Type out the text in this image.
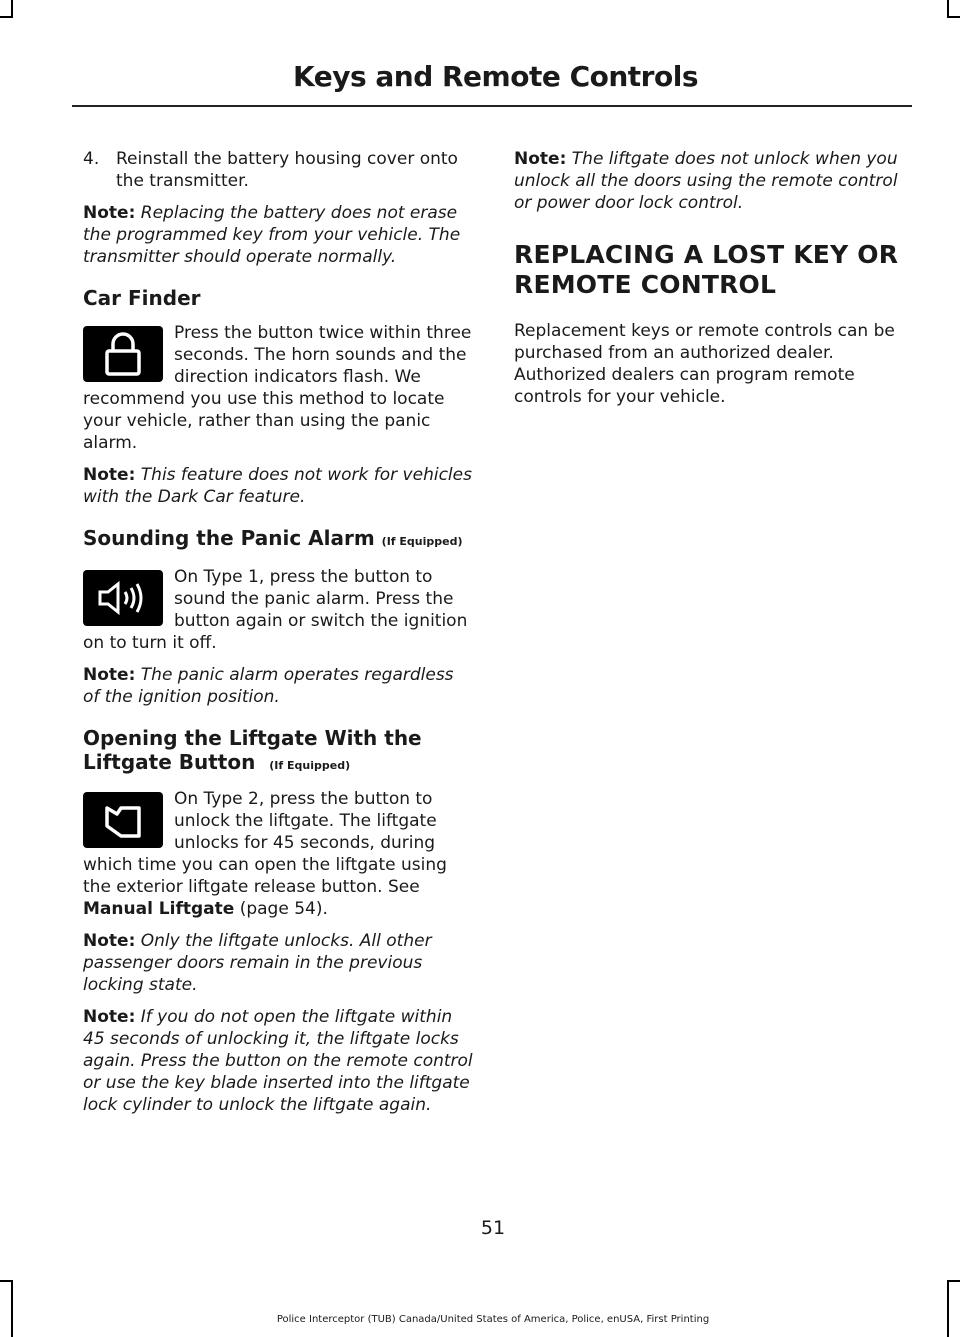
Keys and Remote Controls
4. Reinstall the battery housing cover onto the transmitter.

Note: Replacing the battery does not erase the programmed key from your vehicle. The transmitter should operate normally.

Car Finder

Press the button twice within three seconds. The horn sounds and the direction indicators flash. We recommend you use this method to locate your vehicle, rather than using the panic alarm.

Note: This feature does not work for vehicles with the Dark Car feature.

Sounding the Panic Alarm (If Equipped)

On Type 1, press the button to sound the panic alarm. Press the button again or switch the ignition on to turn it off.

Note: The panic alarm operates regardless of the ignition position.

Opening the Liftgate With the
Liftgate Button (If Equipped)

On Type 2, press the button to unlock the liftgate. The liftgate unlocks for 45 seconds, during which time you can open the liftgate using the exterior liftgate release button. See Manual Liftgate (page 54).

Note: Only the liftgate unlocks. All other passenger doors remain in the previous locking state.

Note: If you do not open the liftgate within 45 seconds of unlocking it, the liftgate locks again. Press the button on the remote control or use the key blade inserted into the liftgate lock cylinder to unlock the liftgate again.

Note: The liftgate does not unlock when you unlock all the doors using the remote control or power door lock control.

REPLACING A LOST KEY OR
REMOTE CONTROL

Replacement keys or remote controls can be purchased from an authorized dealer. Authorized dealers can program remote controls for your vehicle.

51
Police Interceptor (TUB) Canada/United States of America, Police, enUSA, First Printing
